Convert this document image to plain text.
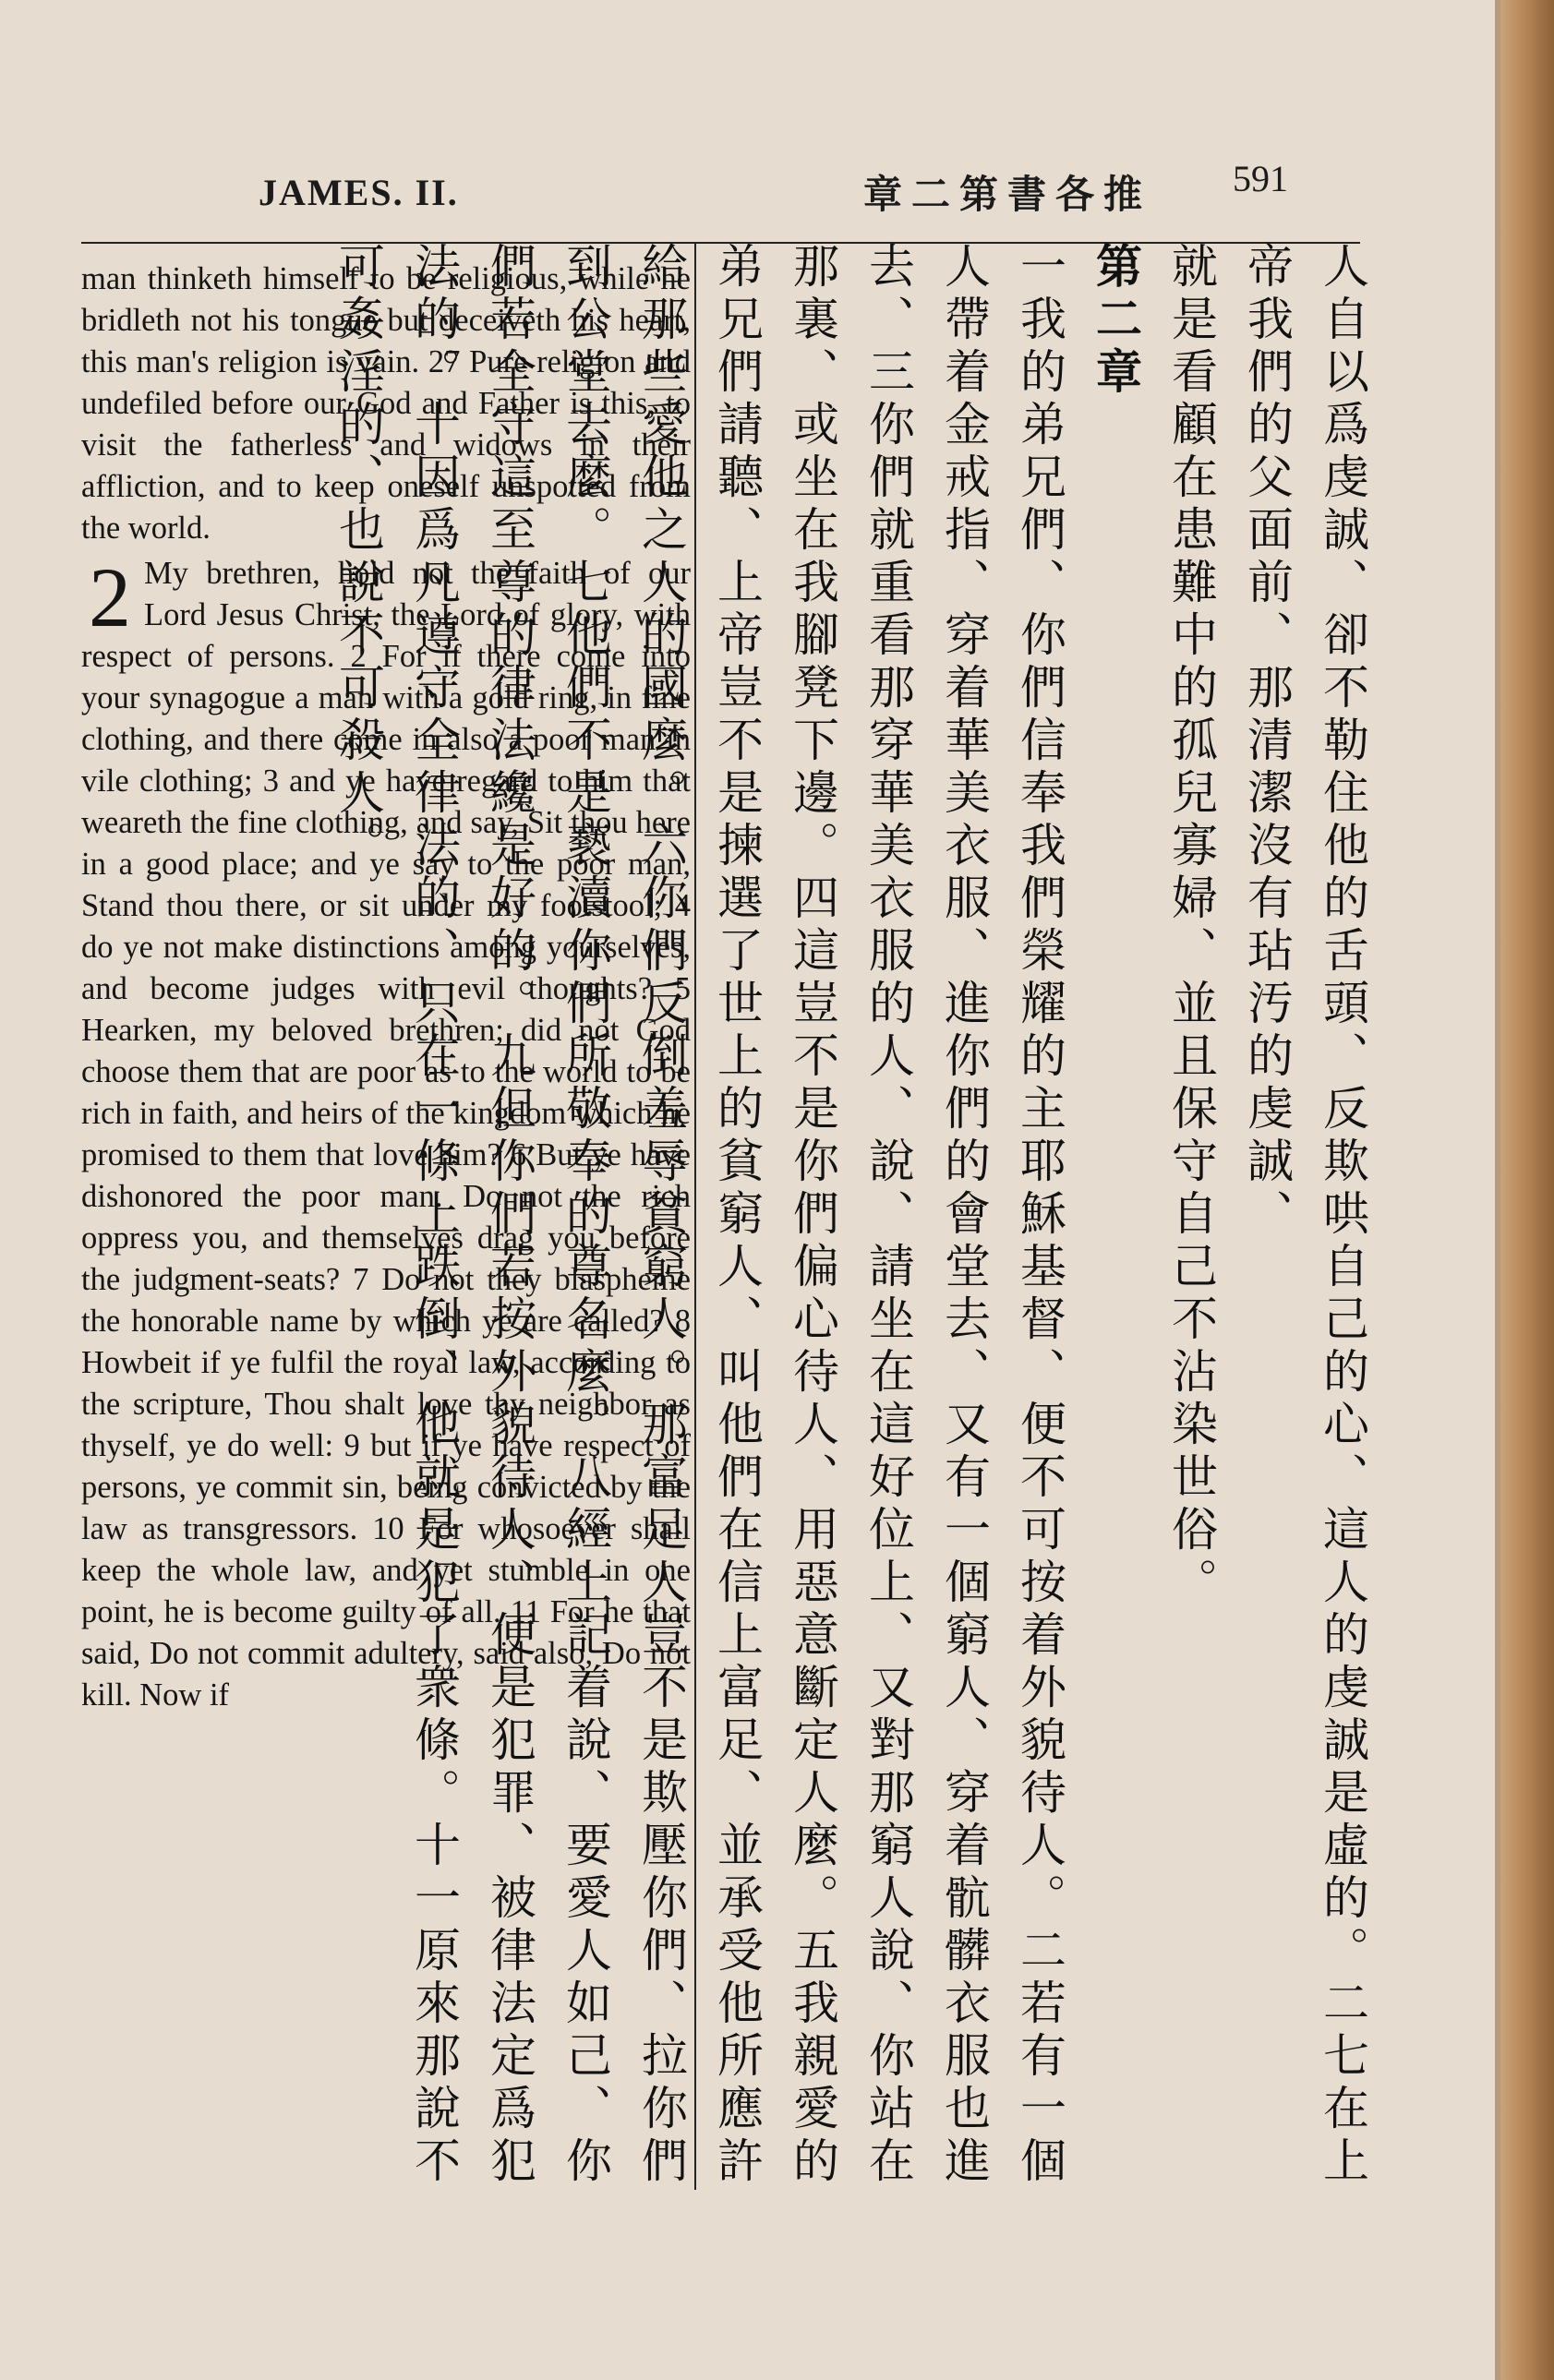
JAMES. II.	章二第書各推 591

man thinketh himself to be religious, while he bridleth not his tongue but deceiveth his heart, this man's religion is vain. 27 Pure religion and undefiled before our God and Father is this, to visit the fatherless and widows in their affliction, and to keep oneself unspotted from the world.

2 My brethren, hold not the faith of our Lord Jesus Christ, the Lord of glory, with respect of persons. 2 For if there come into your synagogue a man with a gold ring, in fine clothing, and there come in also a poor man in vile clothing; 3 and ye have regard to him that weareth the fine clothing, and say, Sit thou here in a good place; and ye say to the poor man, Stand thou there, or sit under my footstool; 4 do ye not make distinctions among yourselves, and become judges with evil thoughts? 5 Hearken, my beloved brethren; did not God choose them that are poor as to the world to be rich in faith, and heirs of the kingdom which he promised to them that love him? 6 But ye have dishonored the poor man. Do not the rich oppress you, and themselves drag you before the judgment-seats? 7 Do not they blaspheme the honorable name by which ye are called? 8 Howbeit if ye fulfil the royal law, according to the scripture, Thou shalt love thy neighbor as thyself, ye do well: 9 but if ye have respect of persons, ye commit sin, being convicted by the law as transgressors. 10 For whosoever shall keep the whole law, and yet stumble in one point, he is become guilty of all. 11 For he that said, Do not commit adultery, said also, Do not kill. Now if	人自以爲虔誠、卻不勒住他的舌頭、反欺哄自己的心、這人的虔誠是虛的。二七在上帝我們的父面前、那清潔沒有玷汚的虔誠、

就是看顧在患難中的孤兒寡婦、並且保守自己不沾染世俗。

第二章

一我的弟兄們、你們信奉我們榮耀的主耶穌基督、便不可按着外貌待人。二若有一個人帶着金戒指、穿着華美衣服、進你們的會堂去、又有一個窮人、穿着骯髒衣服也進去、三你們就重看那穿華美衣服的人、說、請坐在這好位上、又對那窮人說、你站在那裏、或坐在我腳凳下邊。四這豈不是你們偏心待人、用惡意斷定人麼。五我親愛的弟兄們請聽、上帝豈不是揀選了世上的貧窮人、叫他們在信上富足、並承受他所應許給那些愛他之人的國麼。六你們反倒羞辱貧窮人。那富足人豈不是欺壓你們、拉你們到公堂去麼。七他們不是褻瀆你們所敬奉的尊名麼。八經上記着說、要愛人如己、你們若全守這至尊的律法纔是好的。九但你們若按外貌待人、便是犯罪、被律法定爲犯法的。十因爲凡遵守全律法的、只在一條上跌倒、他就是犯了衆條。十一原來那說不可姦淫的、也說不可殺人。
